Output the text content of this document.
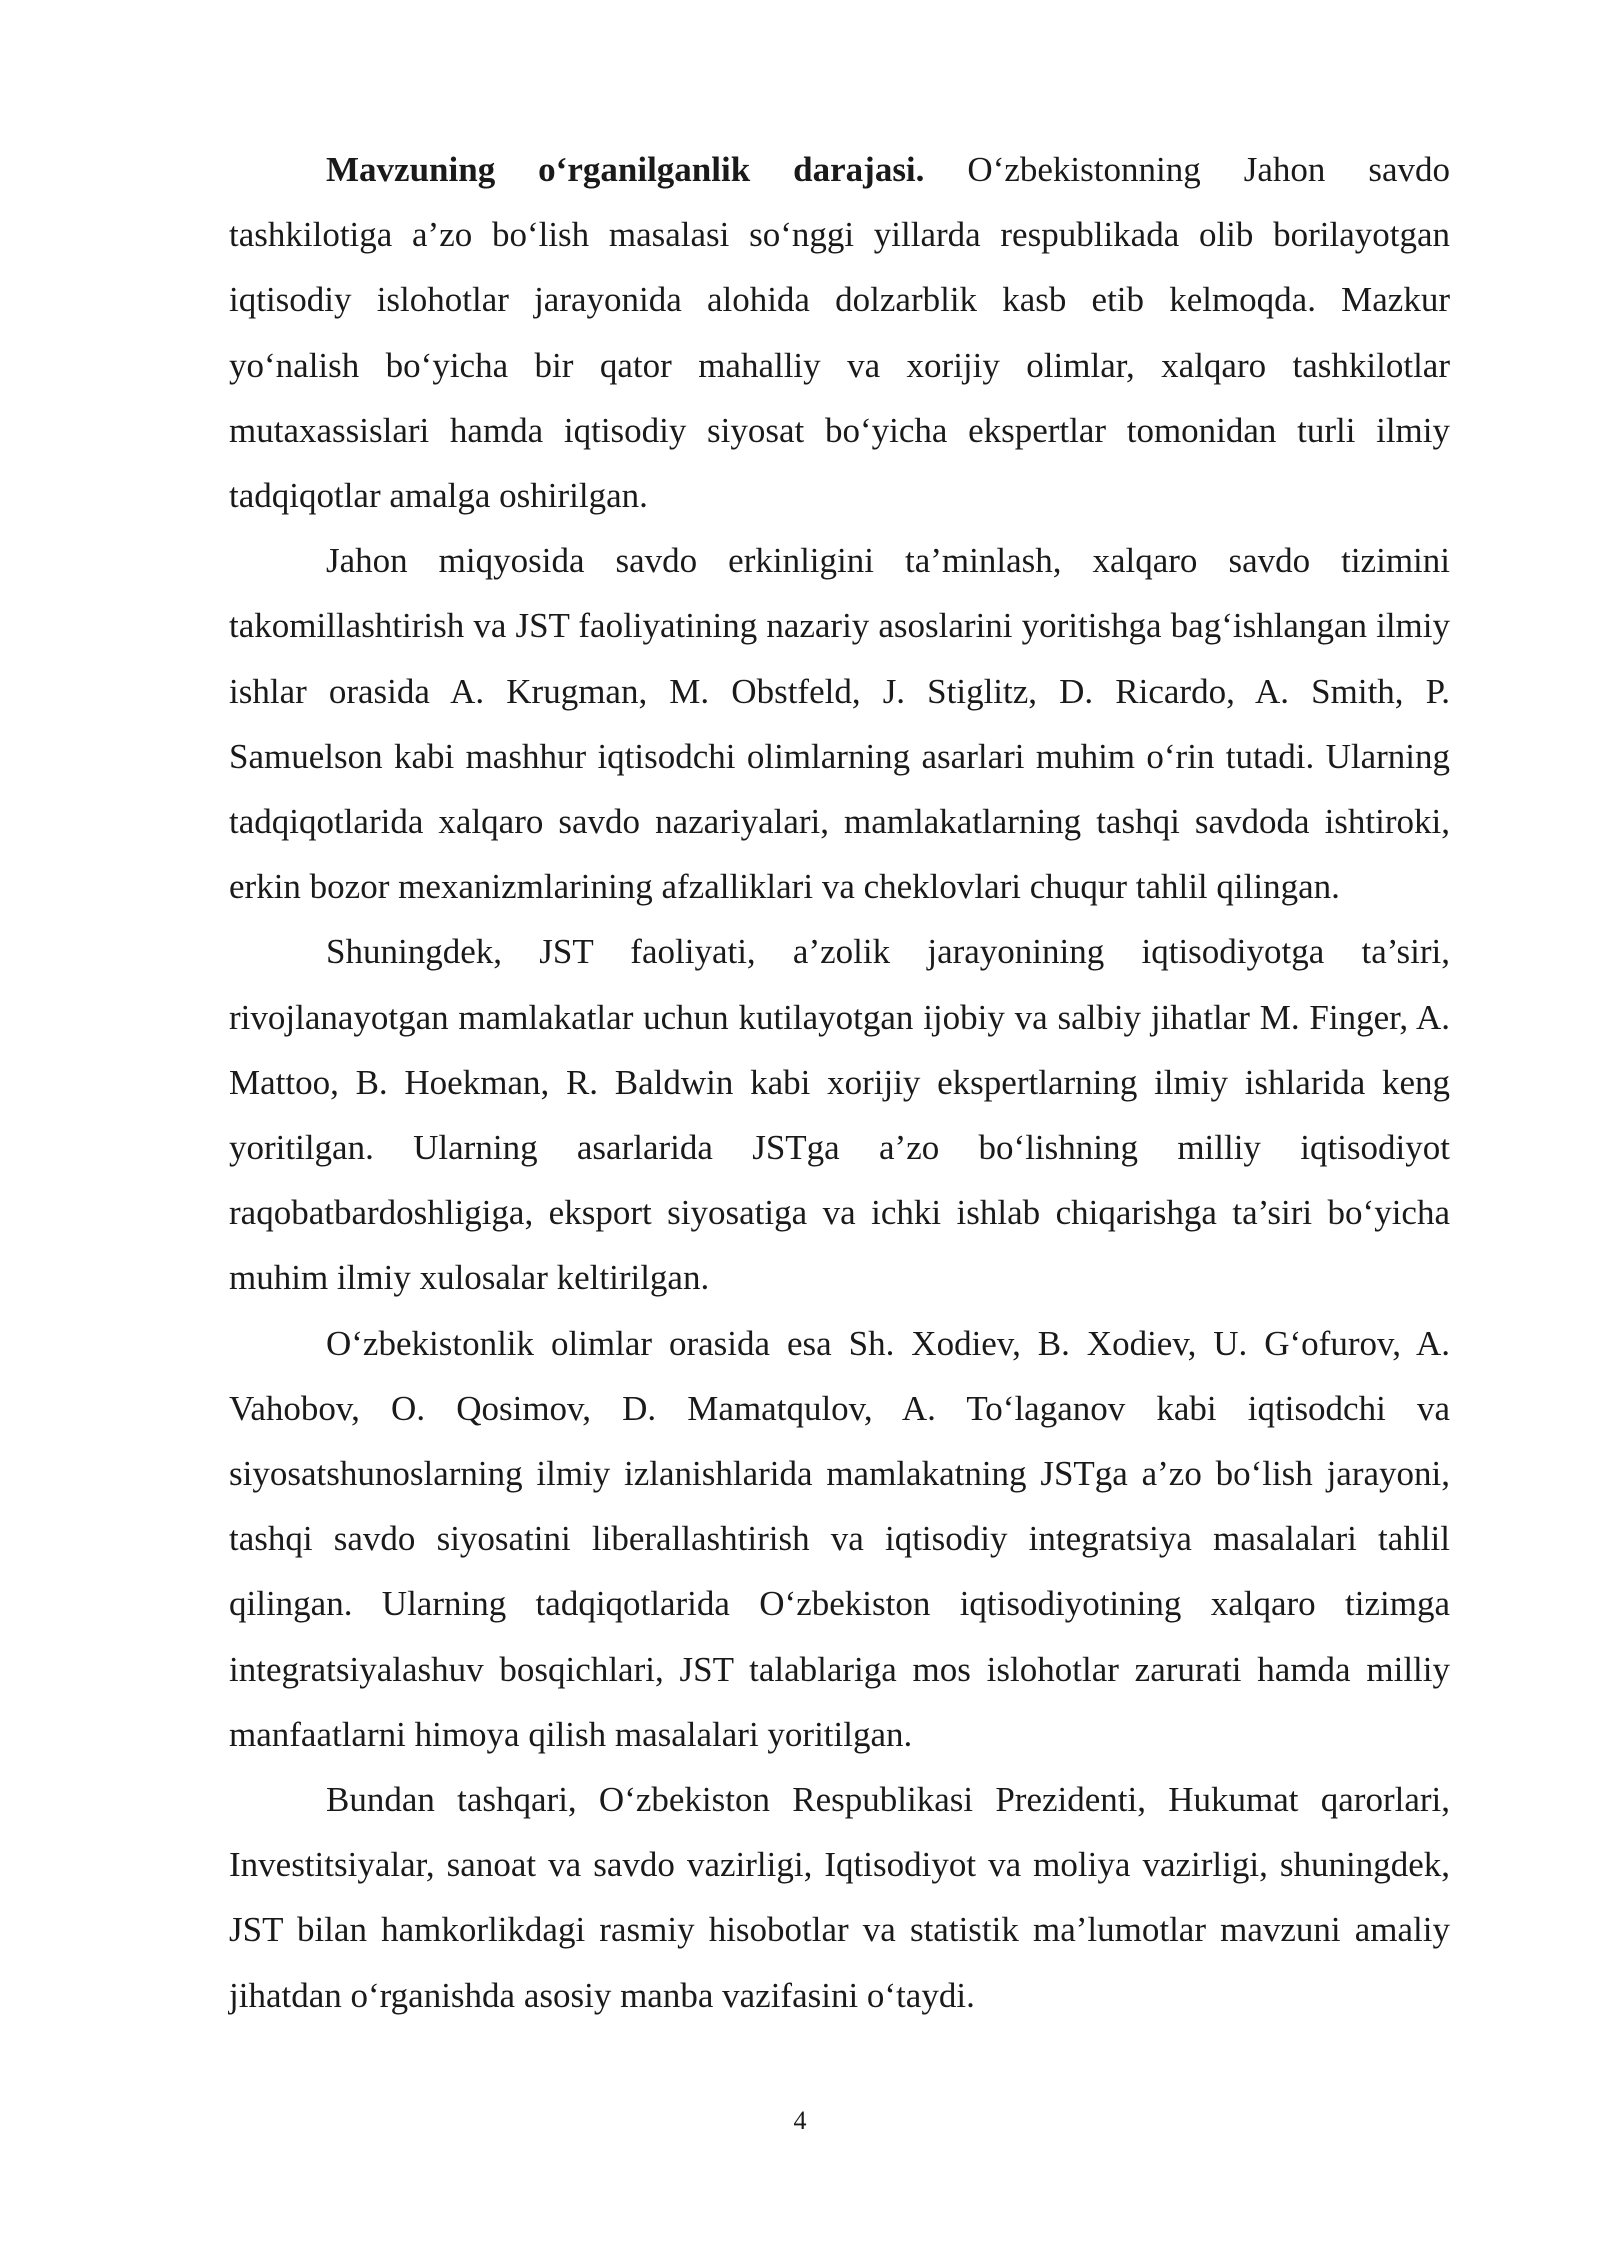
Mavzuning o‘rganilganlik darajasi. O‘zbekistonning Jahon savdo tashkilotiga a’zo bo‘lish masalasi so‘nggi yillarda respublikada olib borilayotgan iqtisodiy islohotlar jarayonida alohida dolzarblik kasb etib kelmoqda. Mazkur yo‘nalish bo‘yicha bir qator mahalliy va xorijiy olimlar, xalqaro tashkilotlar mutaxassislari hamda iqtisodiy siyosat bo‘yicha ekspertlar tomonidan turli ilmiy tadqiqotlar amalga oshirilgan.

Jahon miqyosida savdo erkinligini ta’minlash, xalqaro savdo tizimini takomillashtirish va JST faoliyatining nazariy asoslarini yoritishga bag‘ishlangan ilmiy ishlar orasida A. Krugman, M. Obstfeld, J. Stiglitz, D. Ricardo, A. Smith, P. Samuelson kabi mashhur iqtisodchi olimlarning asarlari muhim o‘rin tutadi. Ularning tadqiqotlarida xalqaro savdo nazariyalari, mamlakatlarning tashqi savdoda ishtiroki, erkin bozor mexanizmlarining afzalliklari va cheklovlari chuqur tahlil qilingan.

Shuningdek, JST faoliyati, a’zolik jarayonining iqtisodiyotga ta’siri, rivojlanayotgan mamlakatlar uchun kutilayotgan ijobiy va salbiy jihatlar M. Finger, A. Mattoo, B. Hoekman, R. Baldwin kabi xorijiy ekspertlarning ilmiy ishlarida keng yoritilgan. Ularning asarlarida JSTga a’zo bo‘lishning milliy iqtisodiyot raqobatbardoshligiga, eksport siyosatiga va ichki ishlab chiqarishga ta’siri bo‘yicha muhim ilmiy xulosalar keltirilgan.

O‘zbekistonlik olimlar orasida esa Sh. Xodiev, B. Xodiev, U. G‘ofurov, A. Vahobov, O. Qosimov, D. Mamatqulov, A. To‘laganov kabi iqtisodchi va siyosatshunoslarning ilmiy izlanishlarida mamlakatning JSTga a’zo bo‘lish jarayoni, tashqi savdo siyosatini liberallashtirish va iqtisodiy integratsiya masalalari tahlil qilingan. Ularning tadqiqotlarida O‘zbekiston iqtisodiyotining xalqaro tizimga integratsiyalashuv bosqichlari, JST talablariga mos islohotlar zarurati hamda milliy manfaatlarni himoya qilish masalalari yoritilgan.

Bundan tashqari, O‘zbekiston Respublikasi Prezidenti, Hukumat qarorlari, Investitsiyalar, sanoat va savdo vazirligi, Iqtisodiyot va moliya vazirligi, shuningdek, JST bilan hamkorlikdagi rasmiy hisobotlar va statistik ma’lumotlar mavzuni amaliy jihatdan o‘rganishda asosiy manba vazifasini o‘taydi.

4
